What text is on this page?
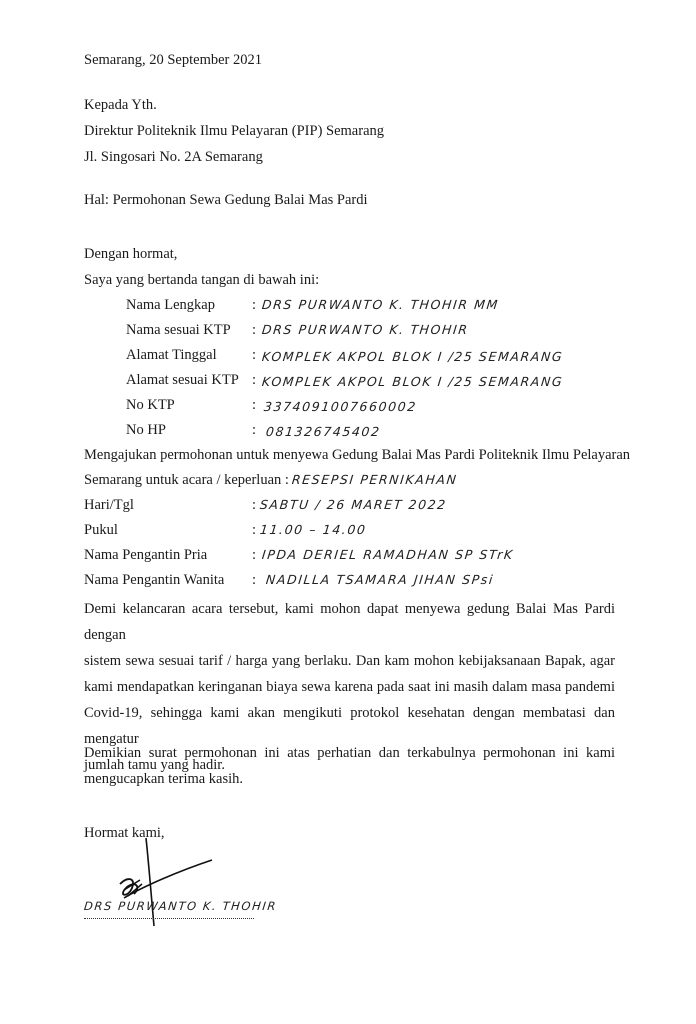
Semarang, 20 September 2021
Kepada Yth.
Direktur Politeknik Ilmu Pelayaran (PIP) Semarang
Jl. Singosari No. 2A Semarang
Hal: Permohonan Sewa Gedung Balai Mas Pardi
Dengan hormat,
Saya yang bertanda tangan di bawah ini:
Nama Lengkap	: DRS PURWANTO K. THOHIR MM
Nama sesuai KTP : DRS PURWANTO K. THOHIR
Alamat Tinggal : KOMPLEK AKPOL BLOK I /25 SEMARANG
Alamat sesuai KTP : KOMPLEK AKPOL BLOK I /25 SEMARANG
No KTP	: 3374091007660002
No HP	: 081326745402
Mengajukan permohonan untuk menyewa Gedung Balai Mas Pardi Politeknik Ilmu Pelayaran
Semarang untuk acara / keperluan : RESEPSI PERNIKAHAN
Hari/Tgl	: SABTU / 26 MARET 2022
Pukul	: 11.00 – 14.00
Nama Pengantin Pria	: IPDA DERIEL RAMADHAN SP STrK
Nama Pengantin Wanita : NADILLA TSAMARA JIHAN SPsi
Demi kelancaran acara tersebut, kami mohon dapat menyewa gedung Balai Mas Pardi dengan
sistem sewa sesuai tarif / harga yang berlaku. Dan kam mohon kebijaksanaan Bapak, agar
kami mendapatkan keringanan biaya sewa karena pada saat ini masih dalam masa pandemi
Covid-19, sehingga kami akan mengikuti protokol kesehatan dengan membatasi dan mengatur
jumlah tamu yang hadir.
Demikian surat permohonan ini atas perhatian dan terkabulnya permohonan ini kami
mengucapkan terima kasih.
Hormat kami,
DRS PURWANTO K. THOHIR
